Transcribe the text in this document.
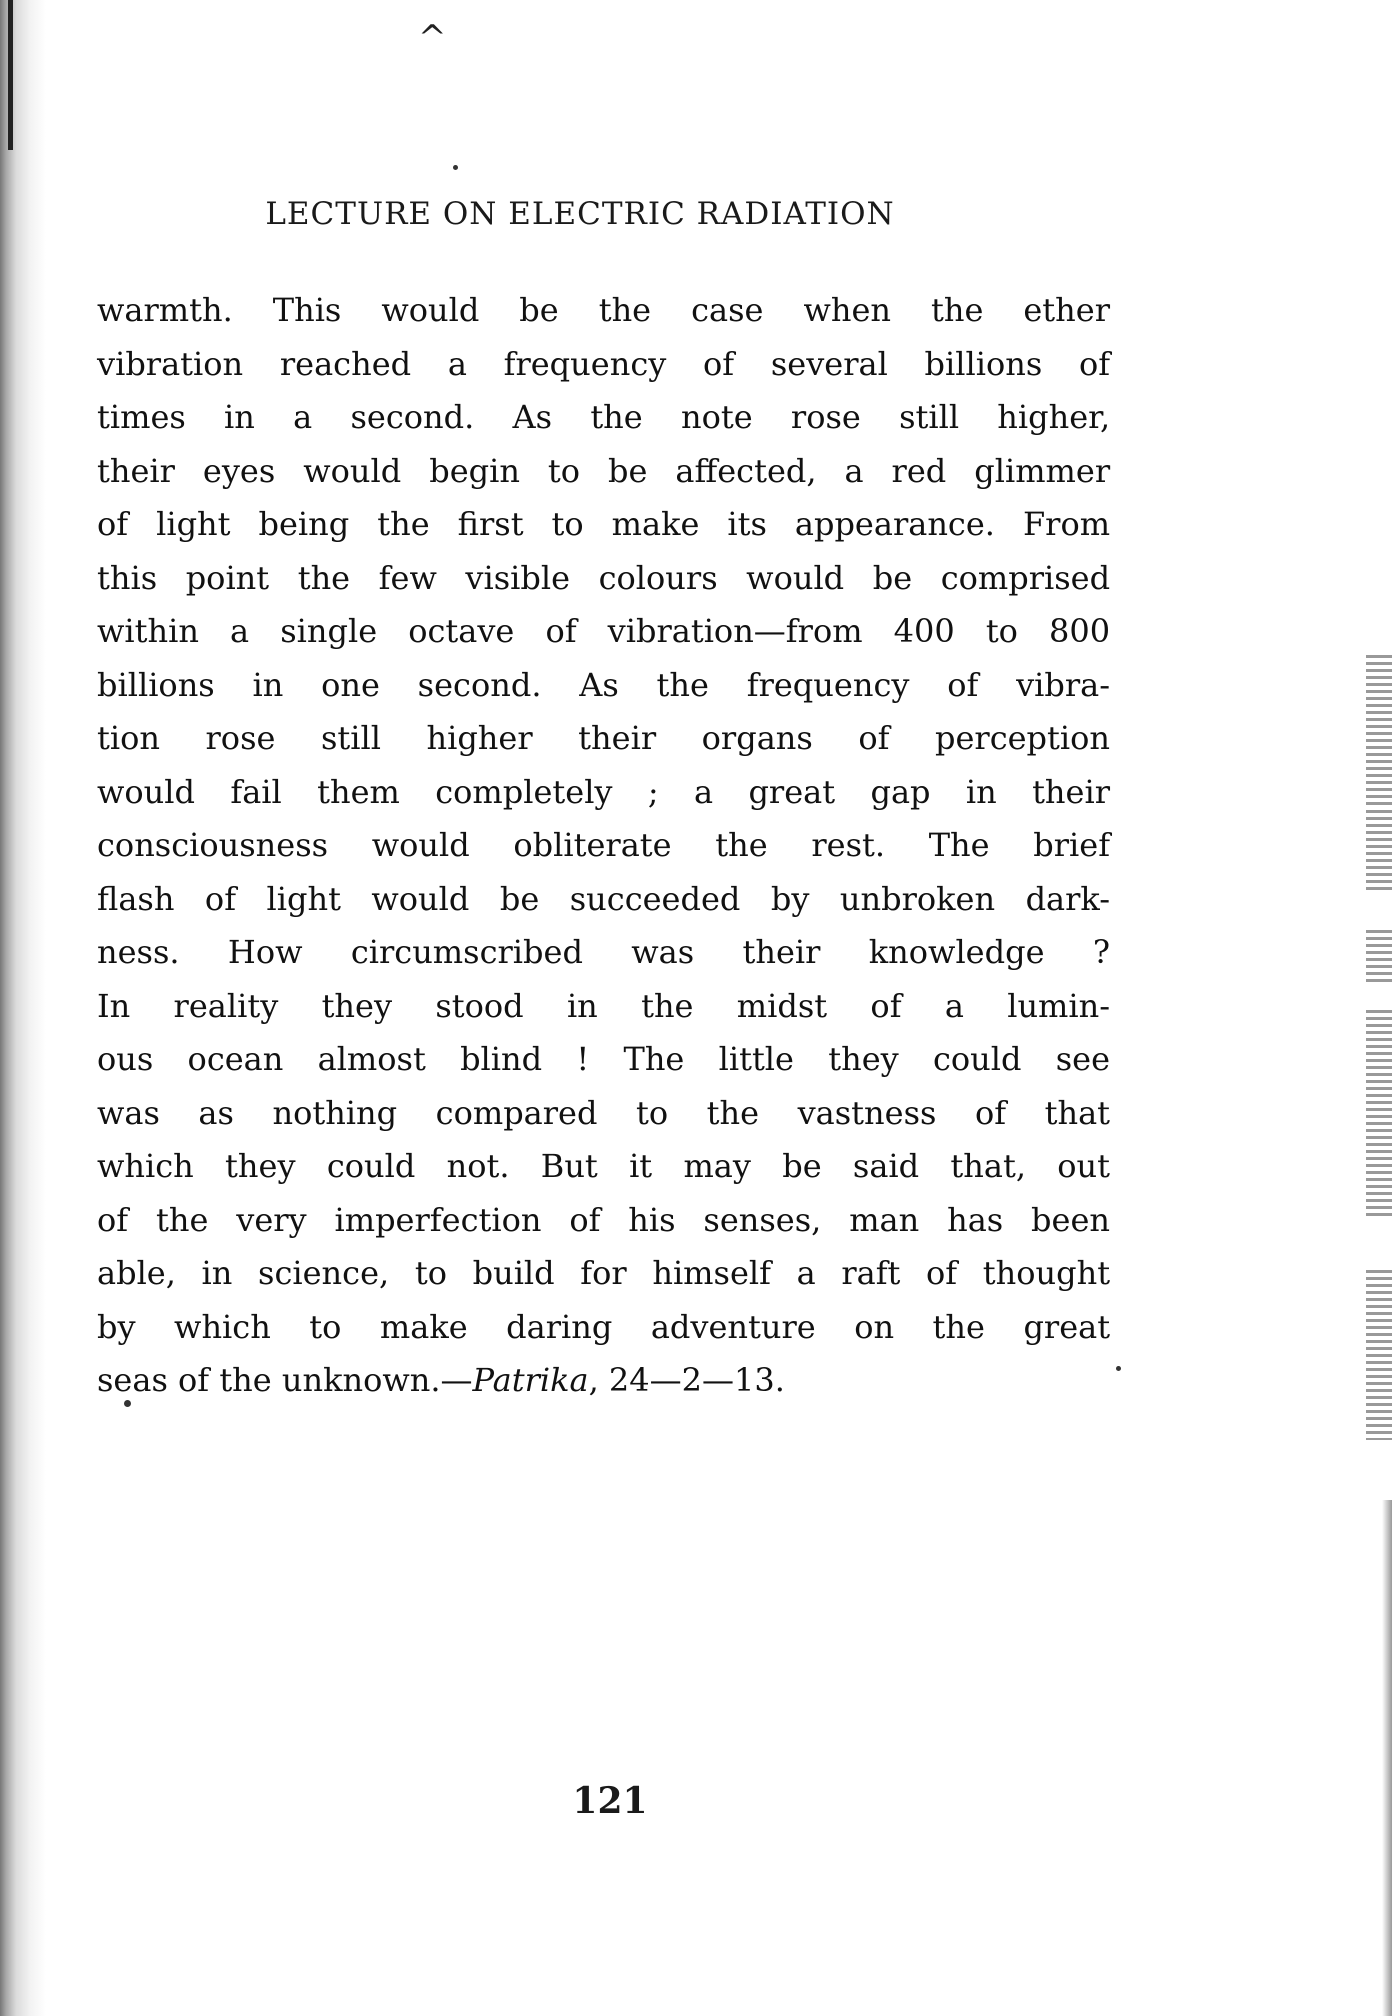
^
LECTURE ON ELECTRIC RADIATION
warmth. This would be the case when the ether
vibration reached a frequency of several billions of
times in a second. As the note rose still higher,
their eyes would begin to be affected, a red glimmer
of light being the first to make its appearance. From
this point the few visible colours would be comprised
within a single octave of vibration—from 400 to 800
billions in one second. As the frequency of vibra-
tion rose still higher their organs of perception
would fail them completely ; a great gap in their
consciousness would obliterate the rest. The brief
flash of light would be succeeded by unbroken dark-
ness. How circumscribed was their knowledge ?
In reality they stood in the midst of a lumin-
ous ocean almost blind ! The little they could see
was as nothing compared to the vastness of that
which they could not. But it may be said that, out
of the very imperfection of his senses, man has been
able, in science, to build for himself a raft of thought
by which to make daring adventure on the great
seas of the unknown.—Patrika, 24—2—13.
121
